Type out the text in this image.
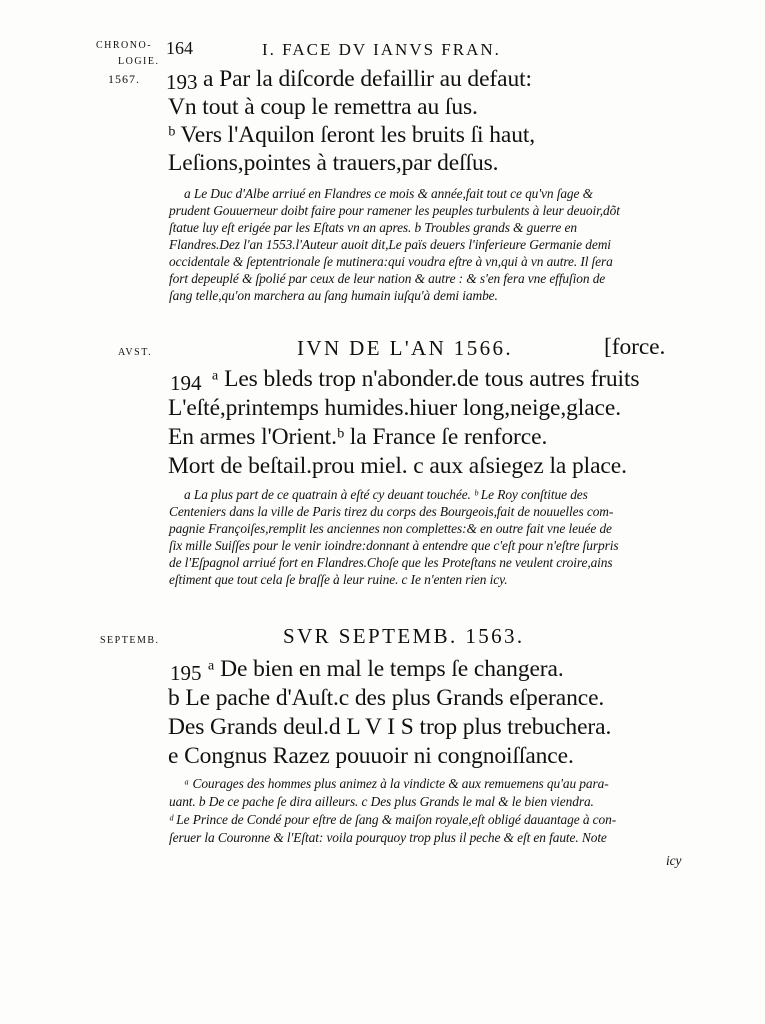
CHRONO-
LOGIE.
1567.
AVST.
SEPTEMB.
164	I. FACE DV IANVS FRAN.
193 a Par la diſcorde defaillir au defaut:
Vn tout à coup le remettra au ſus.
ᵇ Vers l'Aquilon ſeront les bruits ſi haut,
Leſions,pointes à trauers,par deſſus.
a Le Duc d'Albe arriué en Flandres ce mois & année,fait tout ce qu'vn ſage &
prudent Gouuerneur doibt faire pour ramener les peuples turbulents à leur deuoir,dõt
ſtatue luy eſt erigée par les Eſtats vn an apres. b Troubles grands & guerre en
Flandres.Dez l'an 1553.l'Auteur auoit dit,Le païs deuers l'inferieure Germanie demi
occidentale & ſeptentrionale ſe mutinera:qui voudra eſtre à vn,qui à vn autre. Il ſera
fort depeuplé & ſpolié par ceux de leur nation & autre : & s'en fera vne effuſion de
ſang telle,qu'on marchera au ſang humain iuſqu'à demi iambe.
IVN DE L'AN 1566.	[force.
194 ᵃ Les bleds trop n'abonder.de tous autres fruits
L'eſté,printemps humides.hiuer long,neige,glace.
En armes l'Orient.ᵇ la France ſe renforce.
Mort de beſtail.prou miel. c aux aſsiegez la place.
a La plus part de ce quatrain à eſté cy deuant touchée. ᵇ Le Roy conſtitue des
Centeniers dans la ville de Paris tirez du corps des Bourgeois,fait de nouuelles com-
pagnie Françoiſes,remplit les anciennes non complettes:& en outre fait vne leuée de
ſix mille Suiſſes pour le venir ioindre:donnant à entendre que c'eſt pour n'eſtre ſurpris
de l'Eſpagnol arriué fort en Flandres.Choſe que les Proteſtans ne veulent croire,ains
eſtiment que tout cela ſe braſſe à leur ruine. c Ie n'enten rien icy.
SVR SEPTEMB. 1563.
195 ᵃ De bien en mal le temps ſe changera.
b Le pache d'Auſt.c des plus Grands eſperance.
Des Grands deul.d L V I S trop plus trebuchera.
e Congnus Razez pouuoir ni congnoiſſance.
ᵃ Courages des hommes plus animez à la vindicte & aux remuemens qu'au para-
uant. b De ce pache ſe dira ailleurs. c Des plus Grands le mal & le bien viendra.
ᵈ Le Prince de Condé pour eſtre de ſang & maiſon royale,eſt obligé dauantage à con-
ſeruer la Couronne & l'Eſtat: voila pourquoy trop plus il peche & eſt en faute. Note
icy
